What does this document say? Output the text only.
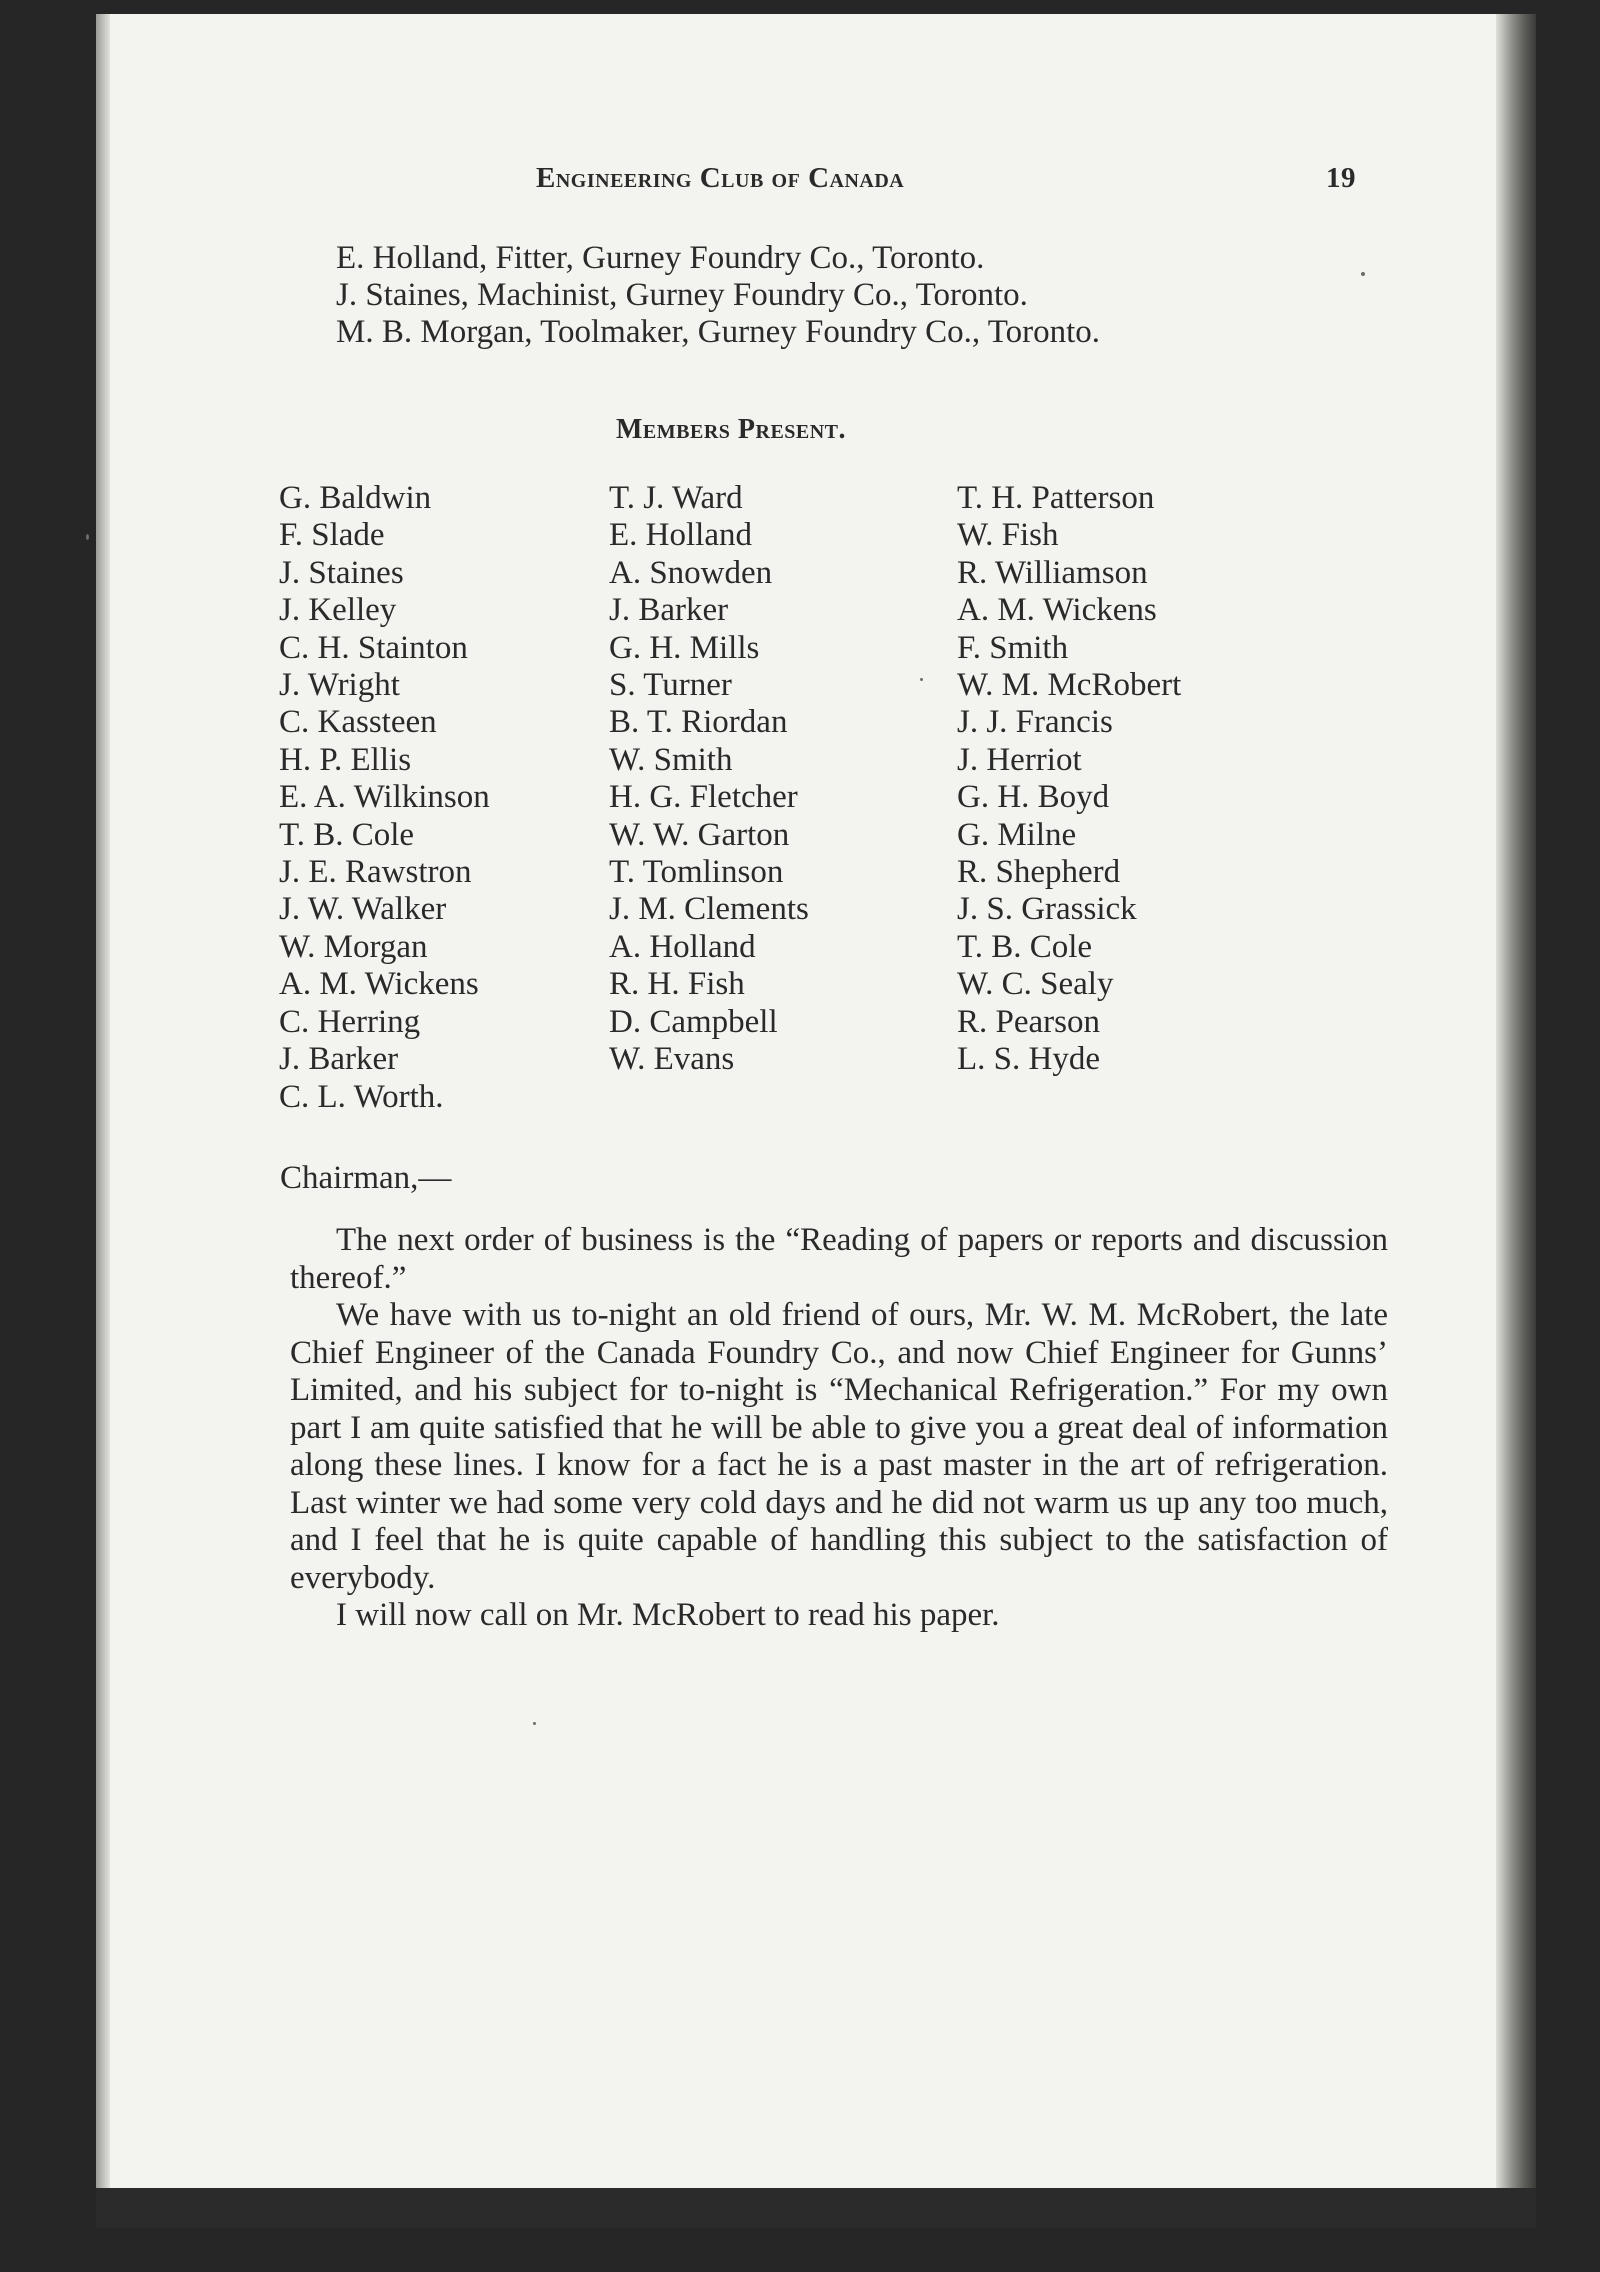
Engineering Club of Canada	19
E. Holland, Fitter, Gurney Foundry Co., Toronto.
J. Staines, Machinist, Gurney Foundry Co., Toronto.
M. B. Morgan, Toolmaker, Gurney Foundry Co., Toronto.
Members Present.
G. Baldwin
F. Slade
J. Staines
J. Kelley
C. H. Stainton
J. Wright
C. Kassteen
H. P. Ellis
E. A. Wilkinson
T. B. Cole
J. E. Rawstron
J. W. Walker
W. Morgan
A. M. Wickens
C. Herring
J. Barker
C. L. Worth.
T. J. Ward
E. Holland
A. Snowden
J. Barker
G. H. Mills
S. Turner
B. T. Riordan
W. Smith
H. G. Fletcher
W. W. Garton
T. Tomlinson
J. M. Clements
A. Holland
R. H. Fish
D. Campbell
W. Evans
T. H. Patterson
W. Fish
R. Williamson
A. M. Wickens
F. Smith
W. M. McRobert
J. J. Francis
J. Herriot
G. H. Boyd
G. Milne
R. Shepherd
J. S. Grassick
T. B. Cole
W. C. Sealy
R. Pearson
L. S. Hyde
Chairman,—

The next order of business is the “Reading of papers or reports and discussion thereof.”

We have with us to-night an old friend of ours, Mr. W. M. McRobert, the late Chief Engineer of the Canada Foundry Co., and now Chief Engineer for Gunns’ Limited, and his subject for to-night is “Mechanical Refrigeration.” For my own part I am quite satisfied that he will be able to give you a great deal of information along these lines. I know for a fact he is a past master in the art of refrigeration. Last winter we had some very cold days and he did not warm us up any too much, and I feel that he is quite capable of handling this subject to the satisfaction of everybody.

I will now call on Mr. McRobert to read his paper.
